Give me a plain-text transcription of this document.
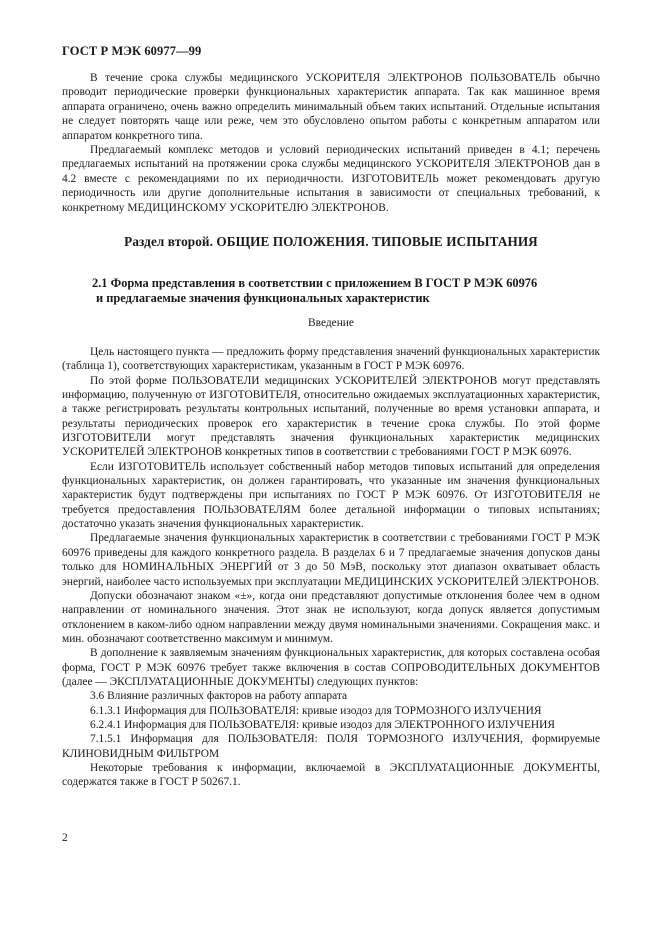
ГОСТ Р МЭК 60977—99

В течение срока службы медицинского УСКОРИТЕЛЯ ЭЛЕКТРОНОВ ПОЛЬЗОВАТЕЛЬ обычно проводит периодические проверки функциональных характеристик аппарата. Так как машинное время аппарата ограничено, очень важно определить минимальный объем таких испытаний. Отдельные испытания не следует повторять чаще или реже, чем это обусловлено опытом работы с конкретным аппаратом или аппаратом конкретного типа.

Предлагаемый комплекс методов и условий периодических испытаний приведен в 4.1; перечень предлагаемых испытаний на протяжении срока службы медицинского УСКОРИТЕЛЯ ЭЛЕКТРОНОВ дан в 4.2 вместе с рекомендациями по их периодичности. ИЗГОТОВИТЕЛЬ может рекомендовать другую периодичность или другие дополнительные испытания в зависимости от специальных требований, к конкретному МЕДИЦИНСКОМУ УСКОРИТЕЛЮ ЭЛЕКТРОНОВ.

Раздел второй. ОБЩИЕ ПОЛОЖЕНИЯ. ТИПОВЫЕ ИСПЫТАНИЯ
2.1 Форма представления в соответствии с приложением В ГОСТ Р МЭК 60976
и предлагаемые значения функциональных характеристик
Введение

Цель настоящего пункта — предложить форму представления значений функциональных характеристик (таблица 1), соответствующих характеристикам, указанным в ГОСТ Р МЭК 60976.

По этой форме ПОЛЬЗОВАТЕЛИ медицинских УСКОРИТЕЛЕЙ ЭЛЕКТРОНОВ могут представлять информацию, полученную от ИЗГОТОВИТЕЛЯ, относительно ожидаемых эксплуатационных характеристик, а также регистрировать результаты контрольных испытаний, полученные во время установки аппарата, и результаты периодических проверок его характеристик в течение срока службы. По этой форме ИЗГОТОВИТЕЛИ могут представлять значения функциональных характеристик медицинских УСКОРИТЕЛЕЙ ЭЛЕКТРОНОВ конкретных типов в соответствии с требованиями ГОСТ Р МЭК 60976.

Если ИЗГОТОВИТЕЛЬ использует собственный набор методов типовых испытаний для определения функциональных характеристик, он должен гарантировать, что указанные им значения функциональных характеристик будут подтверждены при испытаниях по ГОСТ Р МЭК 60976. От ИЗГОТОВИТЕЛЯ не требуется предоставления ПОЛЬЗОВАТЕЛЯМ более детальной информации о типовых испытаниях; достаточно указать значения функциональных характеристик.

Предлагаемые значения функциональных характеристик в соответствии с требованиями ГОСТ Р МЭК 60976 приведены для каждого конкретного раздела. В разделах 6 и 7 предлагаемые значения допусков даны только для НОМИНАЛЬНЫХ ЭНЕРГИЙ от 3 до 50 МэВ, поскольку этот диапазон охватывает область энергий, наиболее часто используемых при эксплуатации МЕДИЦИНСКИХ УСКОРИТЕЛЕЙ ЭЛЕКТРОНОВ.

Допуски обозначают знаком «±», когда они представляют допустимые отклонения более чем в одном направлении от номинального значения. Этот знак не используют, когда допуск является допустимым отклонением в каком-либо одном направлении между двумя номинальными значениями. Сокращения макс. и мин. обозначают соответственно максимум и минимум.

В дополнение к заявляемым значениям функциональных характеристик, для которых составлена особая форма, ГОСТ Р МЭК 60976 требует также включения в состав СОПРОВОДИТЕЛЬНЫХ ДОКУМЕНТОВ (далее — ЭКСПЛУАТАЦИОННЫЕ ДОКУМЕНТЫ) следующих пунктов:

3.6 Влияние различных факторов на работу аппарата

6.1.3.1 Информация для ПОЛЬЗОВАТЕЛЯ: кривые изодоз для ТОРМОЗНОГО ИЗЛУЧЕНИЯ

6.2.4.1 Информация для ПОЛЬЗОВАТЕЛЯ: кривые изодоз для ЭЛЕКТРОННОГО ИЗЛУЧЕНИЯ

7.1.5.1 Информация для ПОЛЬЗОВАТЕЛЯ: ПОЛЯ ТОРМОЗНОГО ИЗЛУЧЕНИЯ, формируемые КЛИНОВИДНЫМ ФИЛЬТРОМ

Некоторые требования к информации, включаемой в ЭКСПЛУАТАЦИОННЫЕ ДОКУМЕНТЫ, содержатся также в ГОСТ Р 50267.1.

2
